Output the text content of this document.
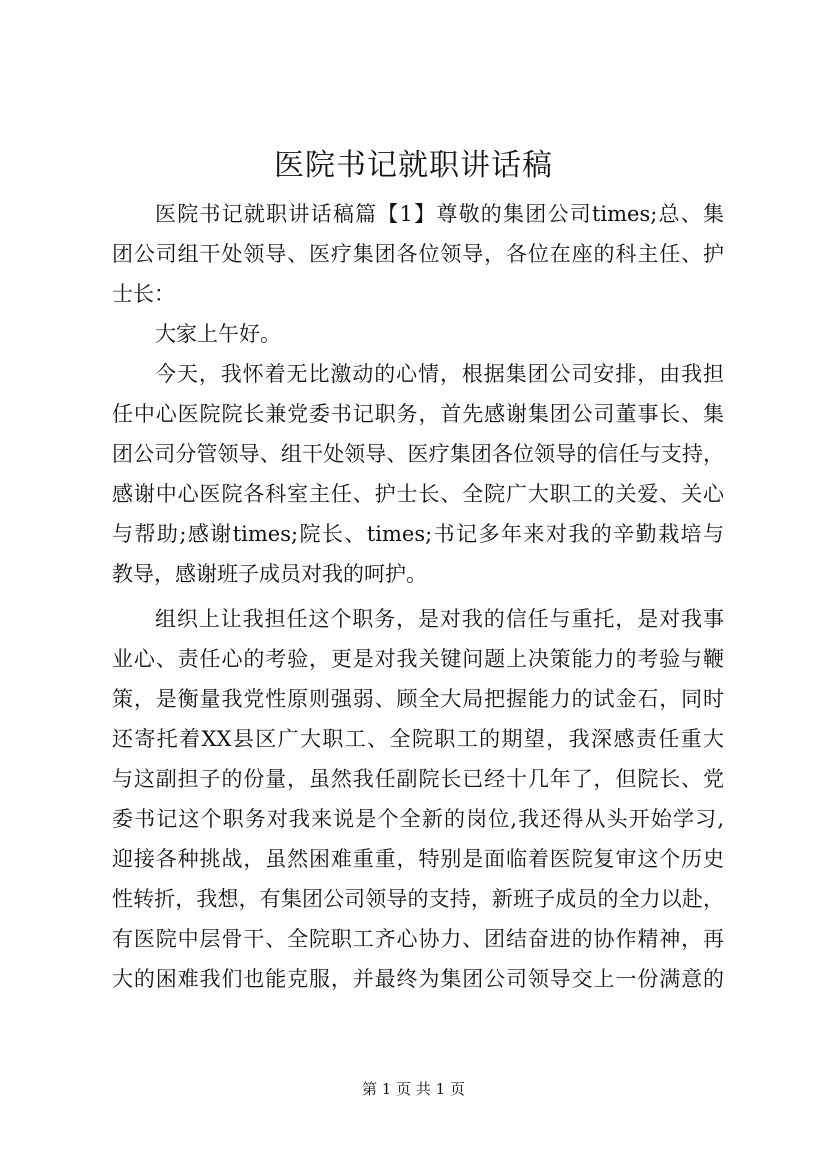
医院书记就职讲话稿
医院书记就职讲话稿篇【1】尊敬的集团公司times;总、集
团公司组干处领导、医疗集团各位领导，各位在座的科主任、护
士长：
大家上午好。
今天，我怀着无比激动的心情，根据集团公司安排，由我担
任中心医院院长兼党委书记职务，首先感谢集团公司董事长、集
团公司分管领导、组干处领导、医疗集团各位领导的信任与支持，
感谢中心医院各科室主任、护士长、全院广大职工的关爱、关心
与帮助;感谢times;院长、times;书记多年来对我的辛勤栽培与
教导，感谢班子成员对我的呵护。
组织上让我担任这个职务，是对我的信任与重托，是对我事
业心、责任心的考验，更是对我关键问题上决策能力的考验与鞭
策，是衡量我党性原则强弱、顾全大局把握能力的试金石，同时
还寄托着XX县区广大职工、全院职工的期望，我深感责任重大
与这副担子的份量，虽然我任副院长已经十几年了，但院长、党
委书记这个职务对我来说是个全新的岗位,我还得从头开始学习,
迎接各种挑战，虽然困难重重，特别是面临着医院复审这个历史
性转折，我想，有集团公司领导的支持，新班子成员的全力以赴，
有医院中层骨干、全院职工齐心协力、团结奋进的协作精神，再
大的困难我们也能克服，并最终为集团公司领导交上一份满意的
第 1 页 共 1 页
